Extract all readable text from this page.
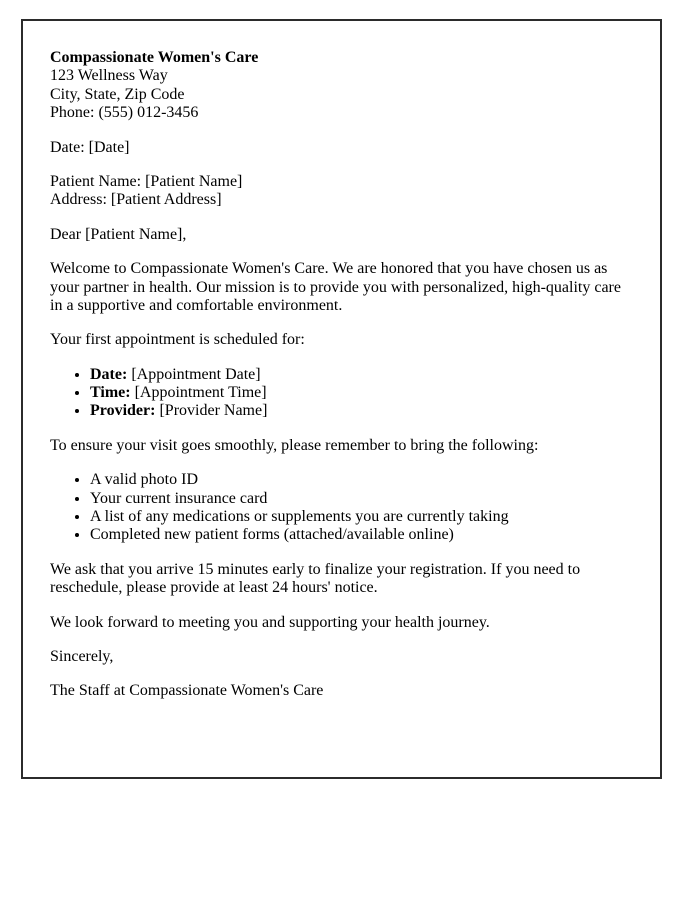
Compassionate Women's Care
123 Wellness Way
City, State, Zip Code
Phone: (555) 012-3456

Date: [Date]

Patient Name: [Patient Name]
Address: [Patient Address]

Dear [Patient Name],

Welcome to Compassionate Women's Care. We are honored that you have chosen us as your partner in health. Our mission is to provide you with personalized, high-quality care in a supportive and comfortable environment.

Your first appointment is scheduled for:

• Date: [Appointment Date]
• Time: [Appointment Time]
• Provider: [Provider Name]

To ensure your visit goes smoothly, please remember to bring the following:

• A valid photo ID
• Your current insurance card
• A list of any medications or supplements you are currently taking
• Completed new patient forms (attached/available online)

We ask that you arrive 15 minutes early to finalize your registration. If you need to reschedule, please provide at least 24 hours' notice.

We look forward to meeting you and supporting your health journey.

Sincerely,

The Staff at Compassionate Women's Care
